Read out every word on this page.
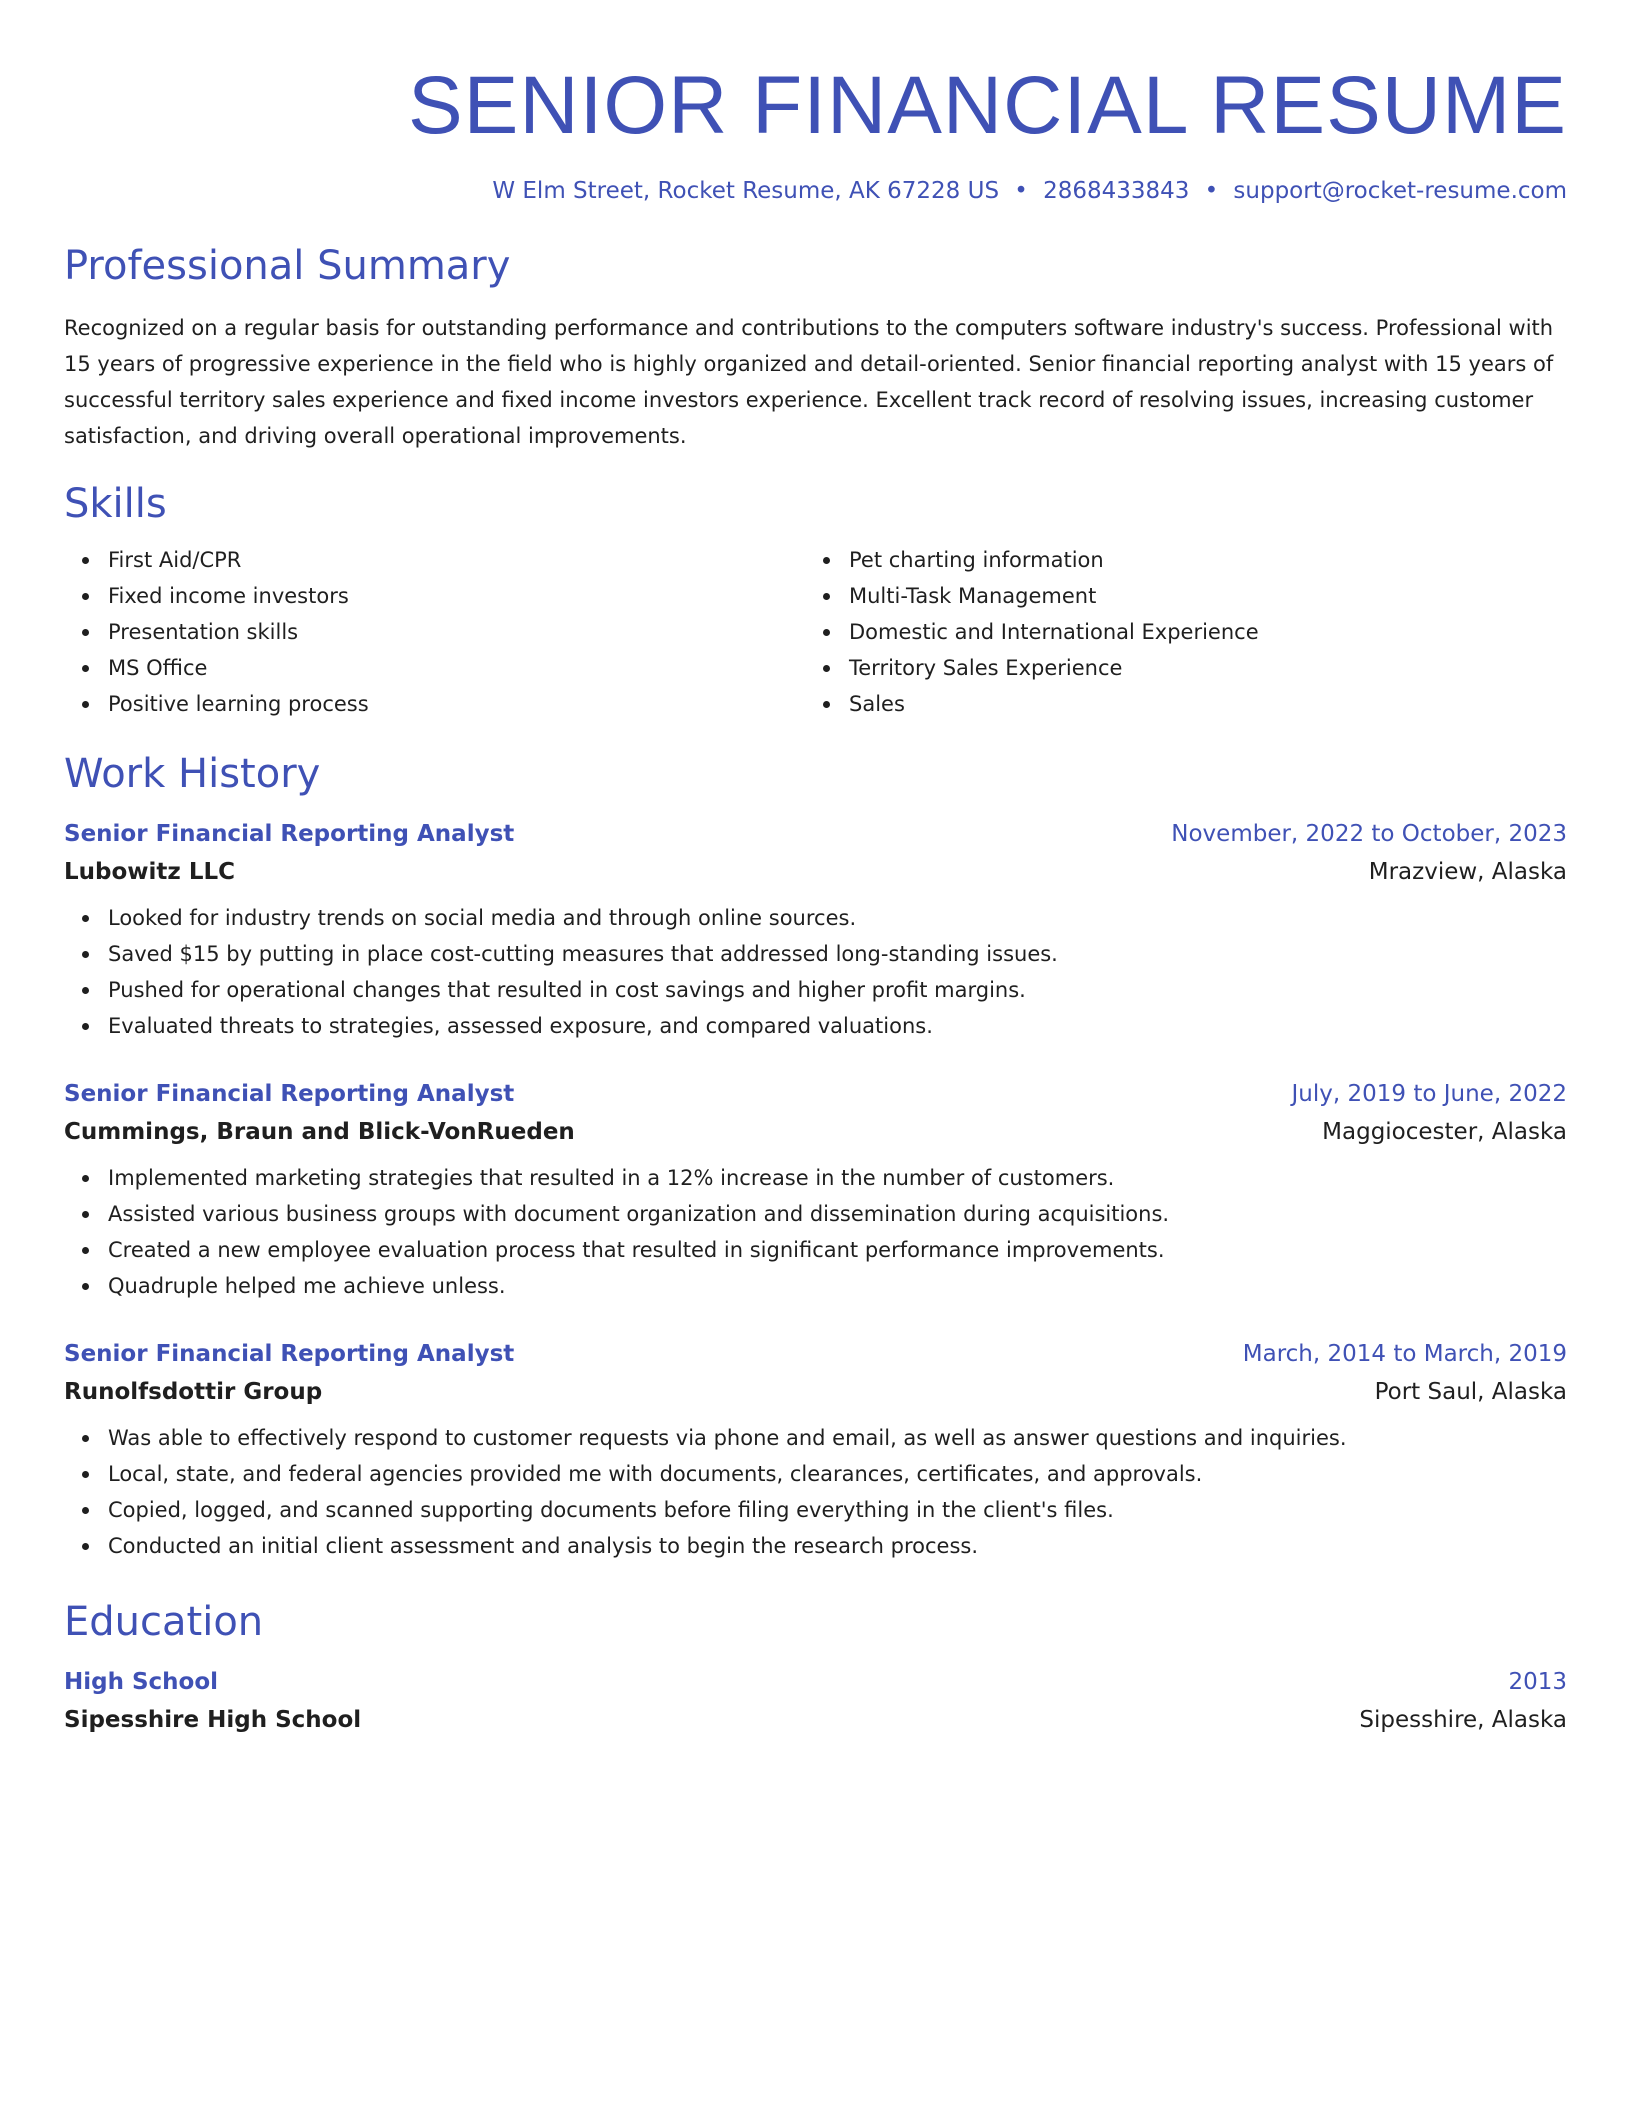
SENIOR FINANCIAL RESUME
W Elm Street, Rocket Resume, AK 67228 US • 2868433843 • support@rocket-resume.com
Professional Summary

Recognized on a regular basis for outstanding performance and contributions to the computers software industry's success. Professional with 15 years of progressive experience in the field who is highly organized and detail-oriented. Senior financial reporting analyst with 15 years of successful territory sales experience and fixed income investors experience. Excellent track record of resolving issues, increasing customer satisfaction, and driving overall operational improvements.

Skills
First Aid/CPR
Fixed income investors
Presentation skills
MS Office
Positive learning process
Pet charting information
Multi-Task Management
Domestic and International Experience
Territory Sales Experience
Sales
Work History
Senior Financial Reporting Analyst	November, 2022 to October, 2023
Lubowitz LLC	Mrazview, Alaska
Looked for industry trends on social media and through online sources.
Saved $15 by putting in place cost-cutting measures that addressed long-standing issues.
Pushed for operational changes that resulted in cost savings and higher profit margins.
Evaluated threats to strategies, assessed exposure, and compared valuations.
Senior Financial Reporting Analyst	July, 2019 to June, 2022
Cummings, Braun and Blick-VonRueden	Maggiocester, Alaska
Implemented marketing strategies that resulted in a 12% increase in the number of customers.
Assisted various business groups with document organization and dissemination during acquisitions.
Created a new employee evaluation process that resulted in significant performance improvements.
Quadruple helped me achieve unless.
Senior Financial Reporting Analyst	March, 2014 to March, 2019
Runolfsdottir Group	Port Saul, Alaska
Was able to effectively respond to customer requests via phone and email, as well as answer questions and inquiries.
Local, state, and federal agencies provided me with documents, clearances, certificates, and approvals.
Copied, logged, and scanned supporting documents before filing everything in the client's files.
Conducted an initial client assessment and analysis to begin the research process.
Education
High School	2013
Sipesshire High School	Sipesshire, Alaska
